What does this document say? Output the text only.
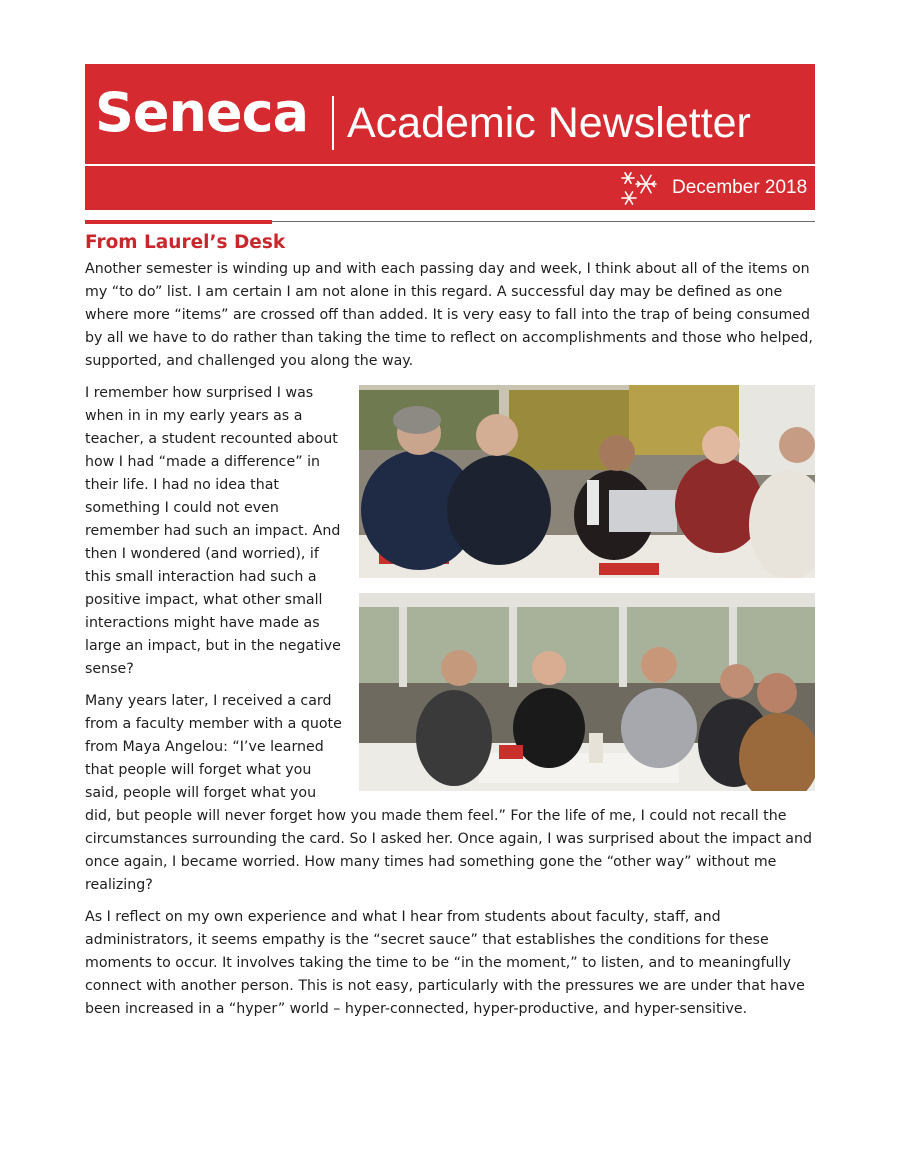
Seneca Academic Newsletter
December 2018
From Laurel’s Desk

Another semester is winding up and with each passing day and week, I think about all of the items on my “to do” list. I am certain I am not alone in this regard. A successful day may be defined as one where more “items” are crossed off than added. It is very easy to fall into the trap of being consumed by all we have to do rather than taking the time to reflect on accomplishments and those who helped, supported, and challenged you along the way.

I remember how surprised I was when in in my early years as a teacher, a student recounted about how I had “made a difference” in their life. I had no idea that something I could not even remember had such an impact. And then I wondered (and worried), if this small interaction had such a positive impact, what other small interactions might have made as large an impact, but in the negative sense?

Many years later, I received a card from a faculty member with a quote from Maya Angelou: “I’ve learned that people will forget what you said, people will forget what you did, but people will never forget how you made them feel.” For the life of me, I could not recall the circumstances surrounding the card. So I asked her. Once again, I was surprised about the impact and once again, I became worried. How many times had something gone the “other way” without me realizing?

As I reflect on my own experience and what I hear from students about faculty, staff, and administrators, it seems empathy is the “secret sauce” that establishes the conditions for these moments to occur. It involves taking the time to be “in the moment,” to listen, and to meaningfully connect with another person. This is not easy, particularly with the pressures we are under that have been increased in a “hyper” world – hyper-connected, hyper-productive, and hyper-sensitive.
